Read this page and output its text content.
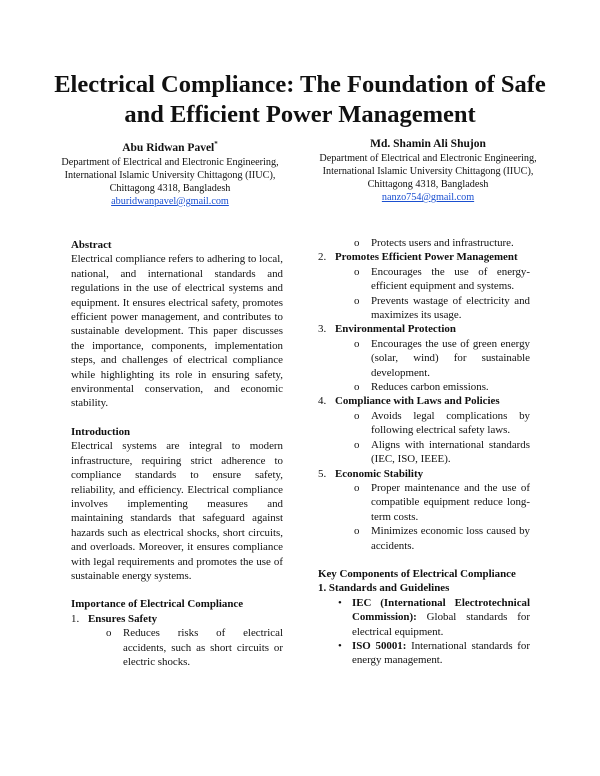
Electrical Compliance: The Foundation of Safe and Efficient Power Management
Abu Ridwan Pavel*
Department of Electrical and Electronic Engineering,
International Islamic University Chittagong (IIUC),
Chittagong 4318, Bangladesh
aburidwanpavel@gmail.com
Md. Shamin Ali Shujon
Department of Electrical and Electronic Engineering,
International Islamic University Chittagong (IIUC),
Chittagong 4318, Bangladesh
nanzo754@gmail.com

Abstract

Electrical compliance refers to adhering to local, national, and international standards and regulations in the use of electrical systems and equipment. It ensures electrical safety, promotes efficient power management, and contributes to sustainable development. This paper discusses the importance, components, implementation steps, and challenges of electrical compliance while highlighting its role in ensuring safety, environmental conservation, and economic stability.

Introduction

Electrical systems are integral to modern infrastructure, requiring strict adherence to compliance standards to ensure safety, reliability, and efficiency. Electrical compliance involves implementing measures and maintaining standards that safeguard against hazards such as electrical shocks, short circuits, and overloads. Moreover, it ensures compliance with legal requirements and promotes the use of sustainable energy systems.

Importance of Electrical Compliance

1. Ensures Safety
o Reduces risks of electrical accidents, such as short circuits or electric shocks.
o Protects users and infrastructure.
2. Promotes Efficient Power Management
o Encourages the use of energy-efficient equipment and systems.
o Prevents wastage of electricity and maximizes its usage.
3. Environmental Protection
o Encourages the use of green energy (solar, wind) for sustainable development.
o Reduces carbon emissions.
4. Compliance with Laws and Policies
o Avoids legal complications by following electrical safety laws.
o Aligns with international standards (IEC, ISO, IEEE).
5. Economic Stability
o Proper maintenance and the use of compatible equipment reduce long-term costs.
o Minimizes economic loss caused by accidents.

Key Components of Electrical Compliance

1. Standards and Guidelines

• IEC (International Electrotechnical Commission): Global standards for electrical equipment.
• ISO 50001: International standards for energy management.
